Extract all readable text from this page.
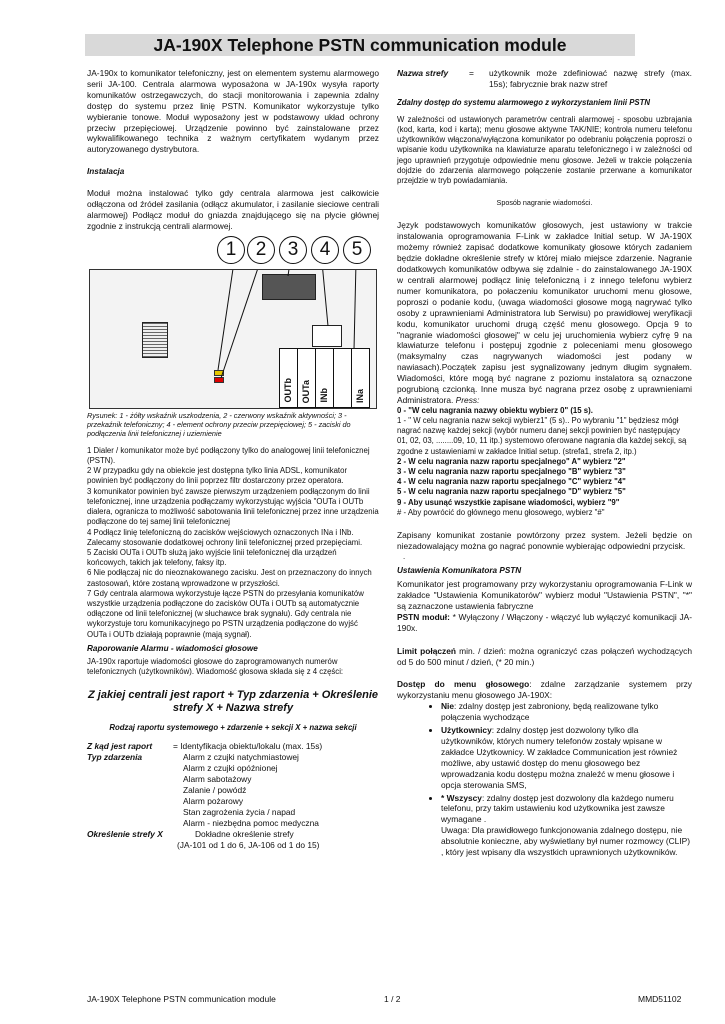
JA-190X Telephone PSTN communication module

JA-190x to komunikator telefoniczny, jest on elementem systemu alarmowego serii JA-100. Centrala alarmowa wyposażona w JA-190x wysyła raporty komunikatów ostrzegawczych, do stacji monitorowania i zapewnia zdalny dostęp do systemu przez linię PSTN. Komunikator wykorzystuje tylko wybieranie tonowe. Moduł wyposażony jest w podstawowy układ ochrony przeciw przepięciowej. Urządzenie powinno być zainstalowane przez wykwalifikowanego technika z ważnym certyfikatem wydanym przez autoryzowanego dystrybutora.

Instalacja

Moduł można instalować tylko gdy centrala alarmowa jest całkowicie odłączona od źródeł zasilania (odłącz akumulator, i zasilanie sieciowe centrali alarmowej) Podłącz moduł do gniazda znajdującego się na płycie głównej zgodnie z instrukcją centrali alarmowej.

1	2	3	4	5
OUTb OUTa INb	INa

Rysunek: 1 - żółty wskaźnik uszkodzenia, 2 - czerwony wskaźnik aktywności; 3 - przekaźnik telefoniczny; 4 - element ochrony przeciw przepięciowej; 5 - zaciski do podłączenia linii telefonicznej i uziemienie

1 Dialer / komunikator może być podłączony tylko do analogowej linii telefonicznej (PSTN).

2 W przypadku gdy na obiekcie jest dostępna tylko linia ADSL, komunikator powinien być podłączony do linii poprzez filtr dostarczony przez operatora.

3 komunikator powinien być zawsze pierwszym urządzeniem podłączonym do linii telefonicznej, inne urządzenia podłączamy wykorzystując wyjścia "OUTa i OUTb dialera, ogranicza to możliwość sabotowania linii telefonicznej przez inne urządzenia podłączone do tej samej linii telefonicznej

4 Podłącz linię telefoniczną do zacisków wejściowych oznaczonych INa i INb. Zalecamy stosowanie dodatkowej ochrony linii telefonicznej przed przepięciami.

5 Zaciski OUTa i OUTb służą jako wyjście linii telefonicznej dla urządzeń końcowych, takich jak telefony, faksy itp.

6 Nie podłączaj nic do nieoznakowanego zacisku. Jest on przeznaczony do innych zastosowań, które zostaną wprowadzone w przyszłości.

7 Gdy centrala alarmowa wykorzystuje łącze PSTN do przesyłania komunikatów wszystkie urządzenia podłączone do zacisków OUTa i OUTb są automatycznie odłączone od linii telefonicznej (w słuchawce brak sygnału). Gdy centrala nie wykorzystuje toru komunikacyjnego po PSTN urządzenia podłączone do wyjść OUTa i OUTb działają poprawnie (mają sygnał).

Raporowanie Alarmu - wiadomości głosowe

JA-190x raportuje wiadomości głosowe do zaprogramowanych numerów telefonicznych (użytkowników). Wiadomość głosowa składa się z 4 części:

Z jakiej centrali jest raport + Typ zdarzenia + Określenie strefy X + Nazwa strefy

Rodzaj raportu systemowego + zdarzenie + sekcji X + nazwa sekcji

Z kąd jest raport	= Identyfikacja obiektu/lokalu (max. 15s)
Typ zdarzenia	Alarm z czujki natychmiastowej

Alarm z czujki opóźnionej

Alarm sabotażowy

Zalanie / powódź

Alarm pożarowy

Stan zagrożenia życia / napad

Alarm - niezbędna pomoc medyczna

Określenie strefy X	Dokładne określenie strefy

(JA-101 od 1 do 6, JA-106 od 1 do 15)

Nazwa strefy	=	użytkownik może zdefiniować nazwę strefy (max. 15s); fabrycznie brak nazw stref

Zdalny dostęp do systemu alarmowego z wykorzystaniem linii PSTN

W zależności od ustawionych parametrów centrali alarmowej - sposobu uzbrajania (kod, karta, kod i karta); menu głosowe aktywne TAK/NIE; kontrola numeru telefonu użytkowników włączona/wyłączona komunikator po odebraniu połączenia poproszi o wpisanie kodu użytkownika na klawiaturze aparatu telefonicznego i w zależności od jego uprawnień przygotuje odpowiednie menu głosowe. Jeżeli w trakcie połączenia dojdzie do zdarzenia alarmowego połączenie zostanie przerwane a komunikator przejdzie w tryb powiadamiania.

Sposób nagranie wiadomości.

Język podstawowych komunikatów głosowych, jest ustawiony w trakcie instalowania oprogramowania F-Link w zakładce Initial setup. W JA-190X możemy również zapisać dodatkowe komunikaty głosowe których zadaniem będzie dokładne określenie strefy w której miało miejsce zdarzenie. Nagranie dodatkowych komunikatów odbywa się zdalnie - do zainstalowanego JA-190X w centrali alarmowej podłącz linię telefoniczną i z innego telefonu wybierz numer komunikatora, po połaczeniu komunikator uruchomi menu głosowe, poproszi o podanie kodu, (uwaga wiadomości głosowe mogą nagrywać tylko osoby z uprawnieniami Administratora lub Serwisu) po prawidłowej weryfikacji kodu, komunikator uruchomi drugą część menu głosowego. Opcja 9 to "nagranie wiadomości głosowej" w celu jej uruchomienia wybierz cyfrę 9 na klawiaturze telefonu i postępuj zgodnie z poleceniami menu głosowego (maksymalny czas nagrywanych wiadomości jest podany w nawiasach).Początek zapisu jest sygnalizowany jednym długim sygnałem. Wiadomości, które mogą być nagrane z poziomu instalatora są oznaczone pogrubioną czcionką. Inne musza być nagrana przez osobę z uprawnieniami Administratora. Press:

0 - "W celu nagrania nazwy obiektu wybierz 0" (15 s).

1 - " W celu nagrania nazw sekcji wybierz1" (5 s).. Po wybraniu "1" będziesz mógł nagrać nazwę każdej sekcji (wybór numeru danej sekcji powinien być następujący 01, 02, 03, ........09, 10, 11 itp.) systemowo oferowane nagrania dla każdej sekcji, są zgodne z ustawieniami w zakładce Initial setup. (strefa1, strefa 2, itp.)

2 - W celu nagrania nazw raportu specjalnego" A" wybierz "2"

3 - W celu nagrania nazw raportu specjalnego "B" wybierz "3"

4 - W celu nagrania nazw raportu specjalnego "C" wybierz "4"

5 - W celu nagrania nazw raportu specjalnego "D" wybierz "5"

9 - Aby usunąć wszystkie zapisane wiadomości, wybierz "9"

# - Aby powrócić do głównego menu głosowego, wybierz "#"

Zapisany komunikat zostanie powtórzony przez system. Jeżeli będzie on niezadowalający można go nagrać ponownie wybierając odpowiedni przycisk.

.

Ustawienia Komunikatora PSTN

Komunikator jest programowany przy wykorzystaniu oprogramowania F-Link w zakładce "Ustawienia Komunikatorów" wybierz moduł "Ustawienia PSTN", "*" są zaznaczone ustawienia fabryczne

PSTN moduł: * Wyłączony / Włączony - włączyć lub wyłączyć komunikacji JA-190x.

Limit połączeń min. / dzień: można ograniczyć czas połączeń wychodzących od 5 do 500 minut / dzień, (* 20 min.)

Dostęp do menu głosowego: zdalne zarządzanie systemem przy wykorzystaniu menu głosowego JA-190X:

• Nie: zdalny dostęp jest zabroniony, będą realizowane tylko połączenia wychodzące
• Użytkownicy: zdalny dostęp jest dozwolony tylko dla użytkowników, których numery telefonów zostały wpisane w zakładce Użytkownicy. W zakładce Communication jest również możliwe, aby ustawić dostęp do menu głosowego bez wprowadzania kodu dostępu można znaleźć w menu głosowe i opcja sterowania SMS,
• * Wszyscy: zdalny dostęp jest dozwolony dla każdego numeru telefonu, przy takim ustawieniu kod użytkownika jest zawsze wymagane .
Uwaga: Dla prawidłowego funkcjonowania zdalnego dostępu, nie absolutnie konieczne, aby wyświetlany był numer rozmowcy (CLIP) , który jest wpisany dla wszystkich uprawnionych użytkowników.
JA-190X Telephone PSTN communication module	1 / 2	MMD51102
